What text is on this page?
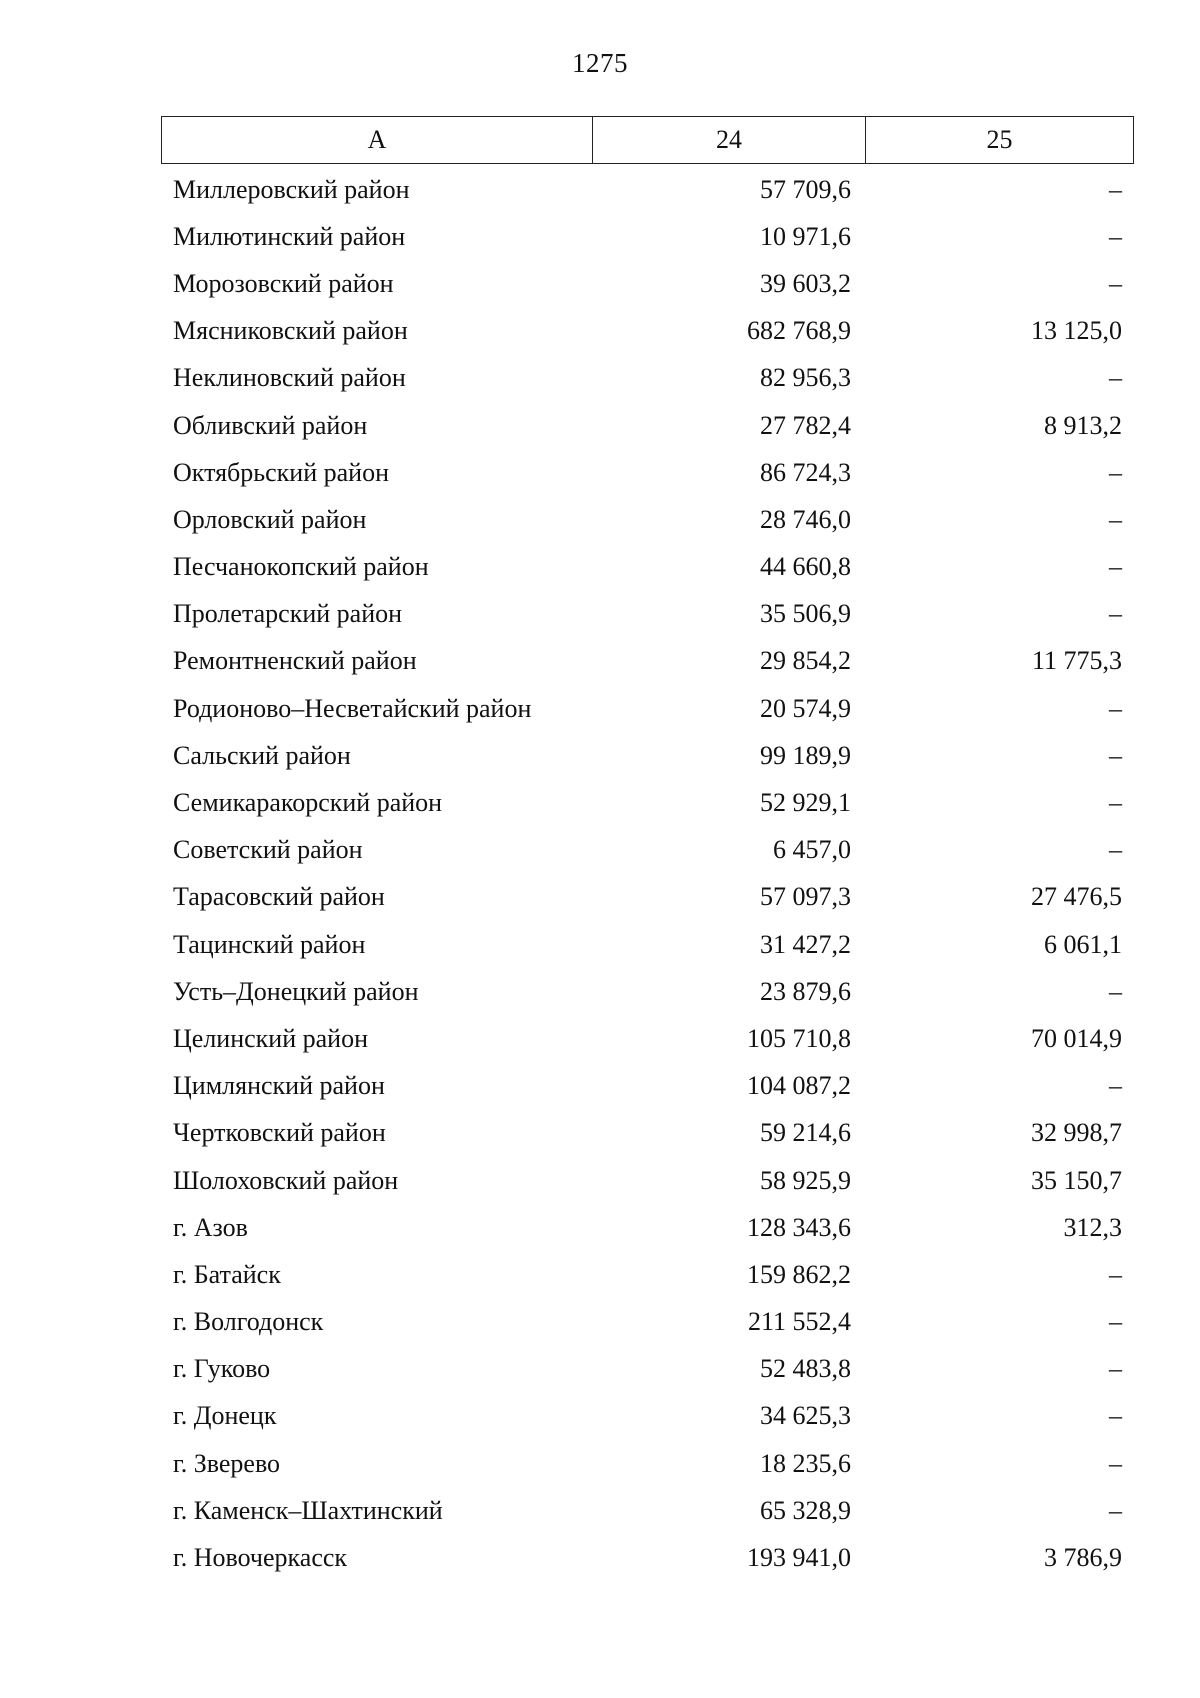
1275
А	24	25
Миллеровский район	57 709,6	–
Милютинский район	10 971,6	–
Морозовский район	39 603,2	–
Мясниковский район	682 768,9	13 125,0
Неклиновский район	82 956,3	–
Обливский район	27 782,4	8 913,2
Октябрьский район	86 724,3	–
Орловский район	28 746,0	–
Песчанокопский район	44 660,8	–
Пролетарский район	35 506,9	–
Ремонтненский район	29 854,2	11 775,3
Родионово–Несветайский район	20 574,9	–
Сальский район	99 189,9	–
Семикаракорский район	52 929,1	–
Советский район	6 457,0	–
Тарасовский район	57 097,3	27 476,5
Тацинский район	31 427,2	6 061,1
Усть–Донецкий район	23 879,6	–
Целинский район	105 710,8	70 014,9
Цимлянский район	104 087,2	–
Чертковский район	59 214,6	32 998,7
Шолоховский район	58 925,9	35 150,7
г. Азов	128 343,6	312,3
г. Батайск	159 862,2	–
г. Волгодонск	211 552,4	–
г. Гуково	52 483,8	–
г. Донецк	34 625,3	–
г. Зверево	18 235,6	–
г. Каменск–Шахтинский	65 328,9	–
г. Новочеркасск	193 941,0	3 786,9
